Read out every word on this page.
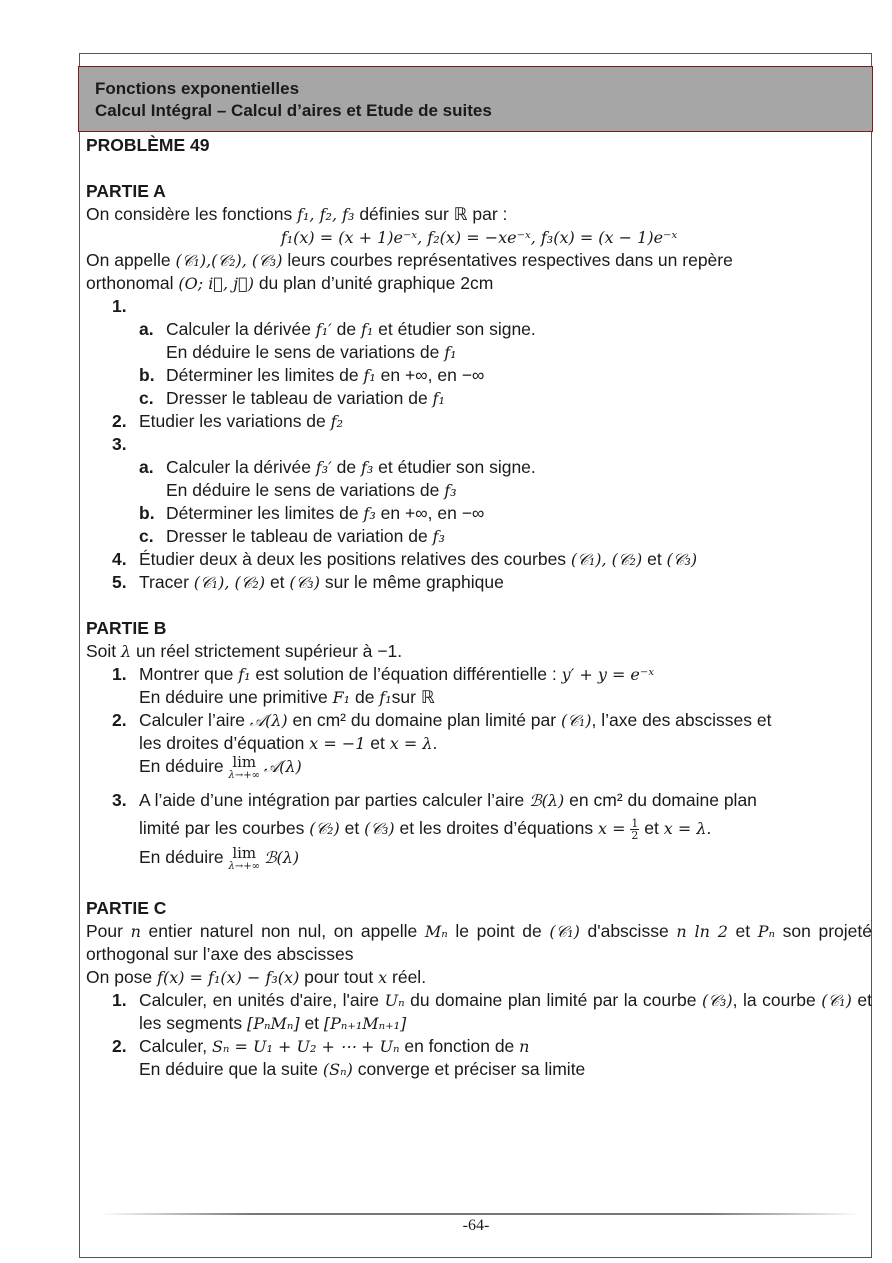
Fonctions exponentielles
Calcul Intégral – Calcul d’aires et Etude de suites
PROBLÈME 49
PARTIE A
On considère les fonctions f₁, f₂, f₃ définies sur ℝ par :
f₁(x) = (x + 1)e⁻ˣ, f₂(x) = −xe⁻ˣ, f₃(x) = (x − 1)e⁻ˣ
On appelle (𝒞₁),(𝒞₂), (𝒞₃) leurs courbes représentatives respectives dans un repère
orthonomal (O; i⃗, j⃗) du plan d’unité graphique 2cm
1.
a. Calculer la dérivée f₁′ de f₁ et étudier son signe.
En déduire le sens de variations de f₁
b. Déterminer les limites de f₁ en +∞, en −∞
c. Dresser le tableau de variation de f₁
2. Etudier les variations de f₂
3.
a. Calculer la dérivée f₃′ de f₃ et étudier son signe.
En déduire le sens de variations de f₃
b. Déterminer les limites de f₃ en +∞, en −∞
c. Dresser le tableau de variation de f₃
4. Étudier deux à deux les positions relatives des courbes (𝒞₁), (𝒞₂) et (𝒞₃)
5. Tracer (𝒞₁), (𝒞₂) et (𝒞₃) sur le même graphique
PARTIE B
Soit λ un réel strictement supérieur à −1.
1. Montrer que f₁ est solution de l’équation différentielle : y′ + y = e⁻ˣ
En déduire une primitive F₁ de f₁sur ℝ
2. Calculer l’aire 𝒜(λ) en cm² du domaine plan limité par (𝒞₁), l’axe des abscisses et
les droites d’équation x = −1 et x = λ.
En déduire lim
λ→+∞ 𝒜(λ)
3. A l’aide d’une intégration par parties calculer l’aire ℬ(λ) en cm² du domaine plan
limité par les courbes (𝒞₂) et (𝒞₃) et les droites d’équations $x = \frac{1}{2}$ et x = λ.
En déduire lim
λ→+∞ ℬ(λ)
PARTIE C
Pour n entier naturel non nul, on appelle Mₙ le point de (𝒞₁) d'abscisse n ln 2 et Pₙ son projeté orthogonal sur l’axe des abscisses
On pose f(x) = f₁(x) − f₃(x) pour tout x réel.
1. Calculer, en unités d'aire, l'aire Uₙ du domaine plan limité par la courbe (𝒞₃), la courbe (𝒞₁) et les segments [PₙMₙ] et [Pₙ₊₁Mₙ₊₁]
2. Calculer, Sₙ = U₁ + U₂ + ⋯ + Uₙ en fonction de n
En déduire que la suite (Sₙ) converge et préciser sa limite
-64-
